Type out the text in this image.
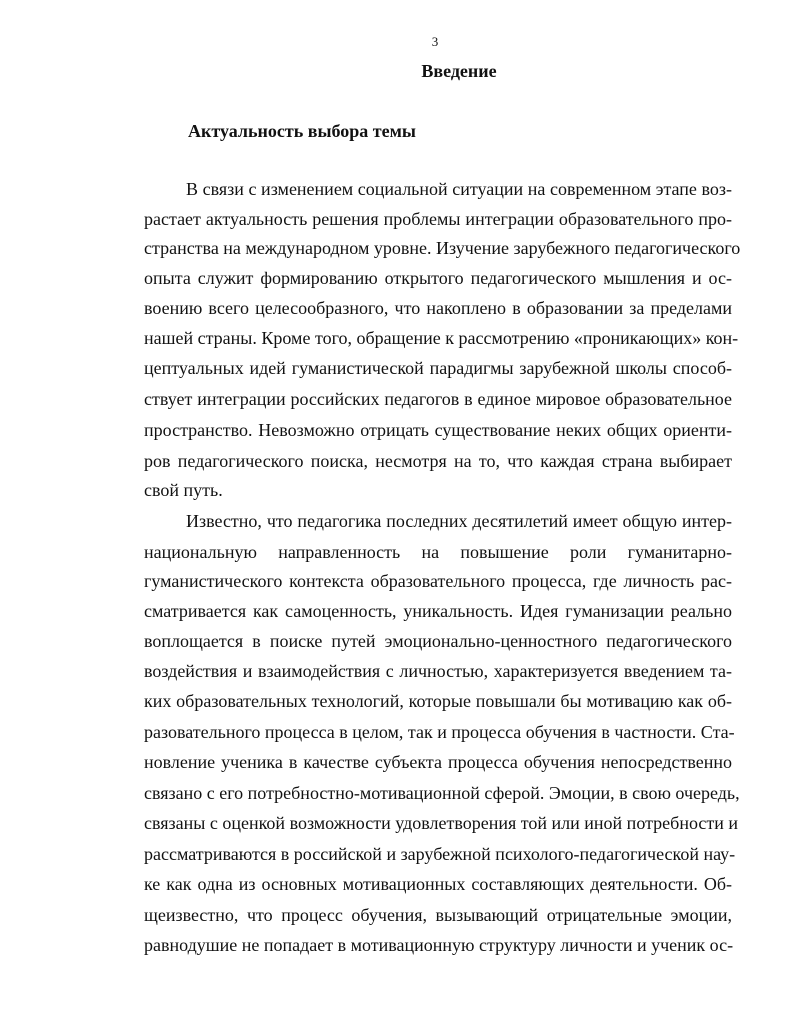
3
Введение
Актуальность выбора темы
В связи с изменением социальной ситуации на современном этапе воз-
растает актуальность решения проблемы интеграции образовательного про-
странства на международном уровне. Изучение зарубежного педагогического
опыта служит формированию открытого педагогического мышления и ос-
воению всего целесообразного, что накоплено в образовании за пределами
нашей страны. Кроме того, обращение к рассмотрению «проникающих» кон-
цептуальных идей гуманистической парадигмы зарубежной школы способ-
ствует интеграции российских педагогов в единое мировое образовательное
пространство. Невозможно отрицать существование неких общих ориенти-
ров педагогического поиска, несмотря на то, что каждая страна выбирает
свой путь.
Известно, что педагогика последних десятилетий имеет общую интер-
национальную направленность на повышение роли гуманитарно-
гуманистического контекста образовательного процесса, где личность рас-
сматривается как самоценность, уникальность. Идея гуманизации реально
воплощается в поиске путей эмоционально-ценностного педагогического
воздействия и взаимодействия с личностью, характеризуется введением та-
ких образовательных технологий, которые повышали бы мотивацию как об-
разовательного процесса в целом, так и процесса обучения в частности. Ста-
новление ученика в качестве субъекта процесса обучения непосредственно
связано с его потребностно-мотивационной сферой. Эмоции, в свою очередь,
связаны с оценкой возможности удовлетворения той или иной потребности и
рассматриваются в российской и зарубежной психолого-педагогической нау-
ке как одна из основных мотивационных составляющих деятельности. Об-
щеизвестно, что процесс обучения, вызывающий отрицательные эмоции,
равнодушие не попадает в мотивационную структуру личности и ученик ос-
